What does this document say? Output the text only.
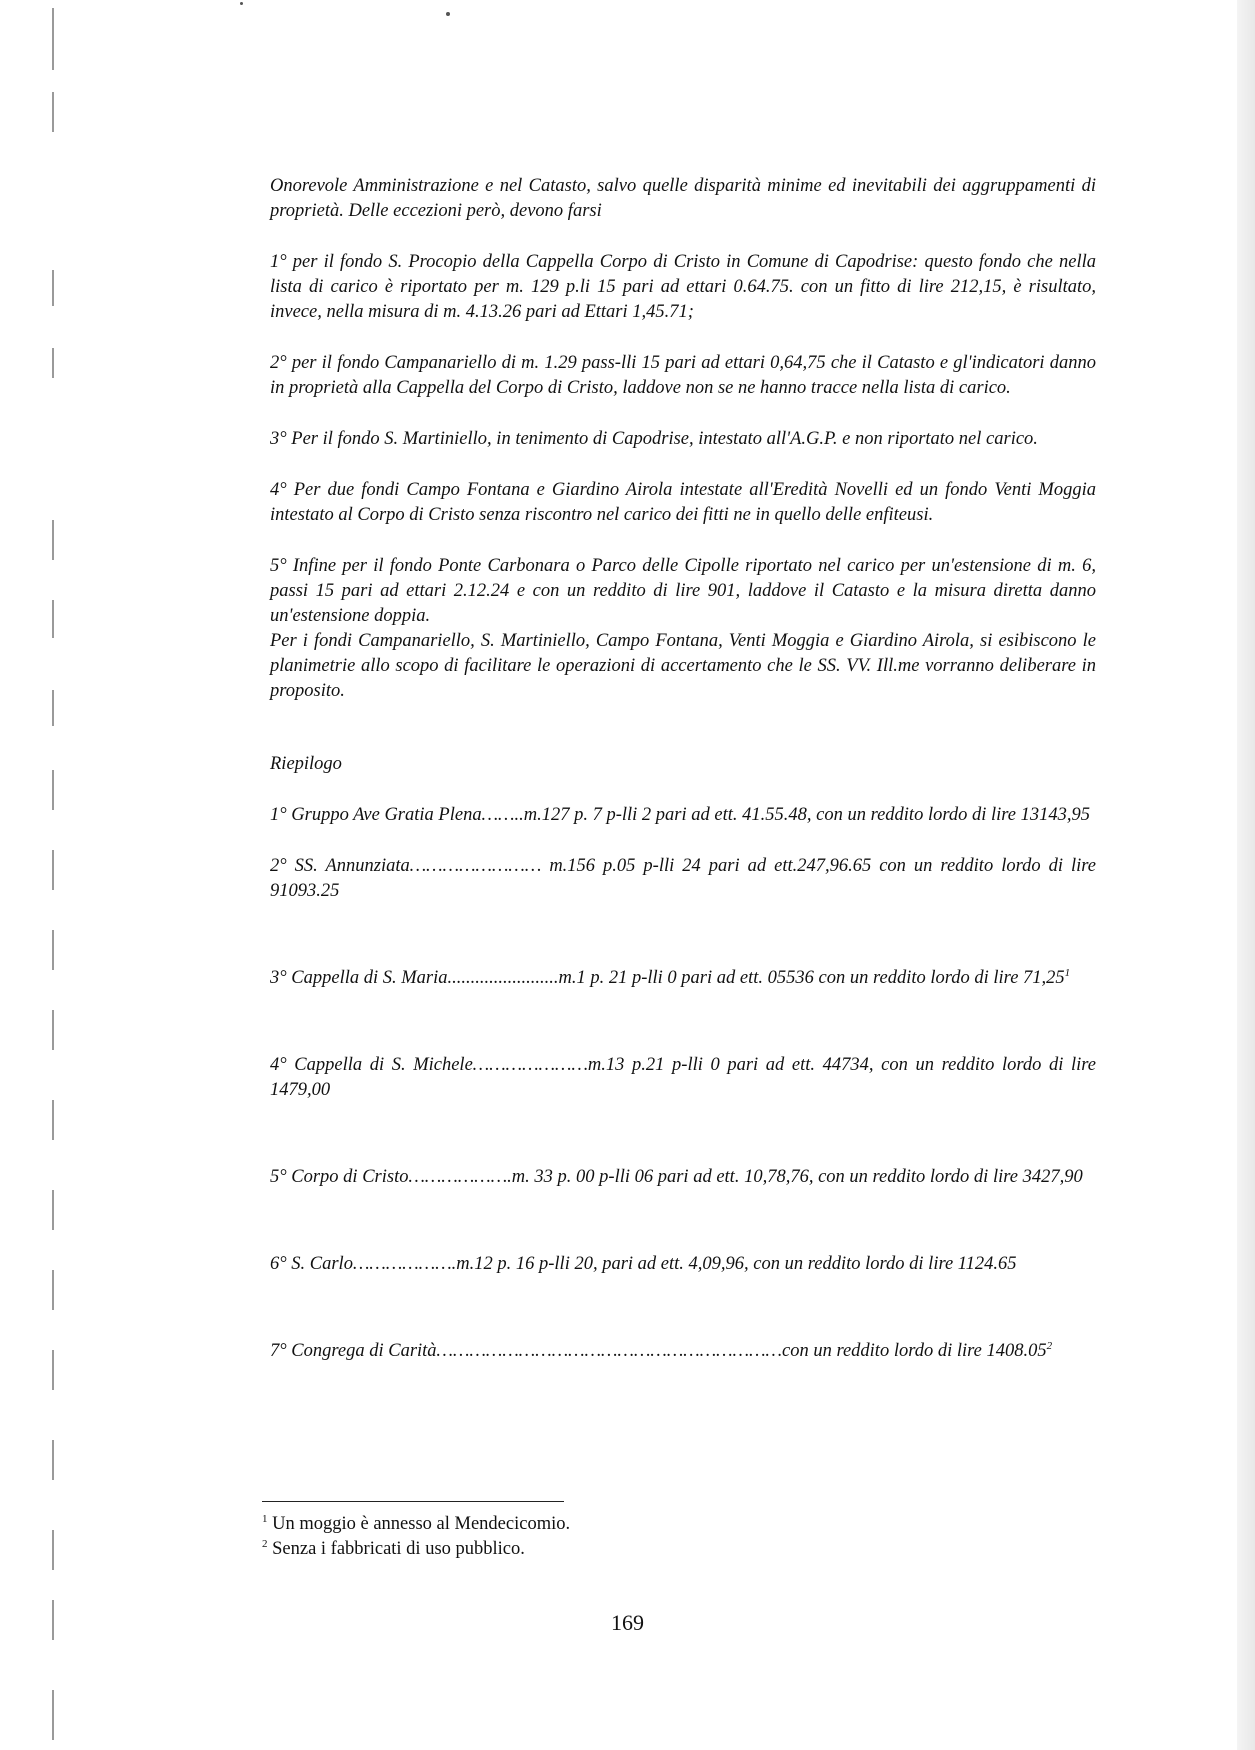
Onorevole Amministrazione e nel Catasto, salvo quelle disparità minime ed inevitabili dei aggruppamenti di proprietà. Delle eccezioni però, devono farsi

1° per il fondo S. Procopio della Cappella Corpo di Cristo in Comune di Capodrise: questo fondo che nella lista di carico è riportato per m. 129 p.li 15 pari ad ettari 0.64.75. con un fitto di lire 212,15, è risultato, invece, nella misura di m. 4.13.26 pari ad Ettari 1,45.71;

2° per il fondo Campanariello di m. 1.29 pass-lli 15 pari ad ettari 0,64,75 che il Catasto e gl'indicatori danno in proprietà alla Cappella del Corpo di Cristo, laddove non se ne hanno tracce nella lista di carico.

3° Per il fondo S. Martiniello, in tenimento di Capodrise, intestato all'A.G.P. e non riportato nel carico.

4° Per due fondi Campo Fontana e Giardino Airola intestate all'Eredità Novelli ed un fondo Venti Moggia intestato al Corpo di Cristo senza riscontro nel carico dei fitti ne in quello delle enfiteusi.

5° Infine per il fondo Ponte Carbonara o Parco delle Cipolle riportato nel carico per un'estensione di m. 6, passi 15 pari ad ettari 2.12.24 e con un reddito di lire 901, laddove il Catasto e la misura diretta danno un'estensione doppia.

Per i fondi Campanariello, S. Martiniello, Campo Fontana, Venti Moggia e Giardino Airola, si esibiscono le planimetrie allo scopo di facilitare le operazioni di accertamento che le SS. VV. Ill.me vorranno deliberare in proposito.

Riepilogo

1° Gruppo Ave Gratia Plena……..m.127 p. 7 p-lli 2 pari ad ett. 41.55.48, con un reddito lordo di lire 13143,95

2° SS. Annunziata…………………… m.156 p.05 p-lli 24 pari ad ett.247,96.65 con un reddito lordo di lire 91093.25

3° Cappella di S. Maria........................m.1 p. 21 p-lli 0 pari ad ett. 05536 con un reddito lordo di lire 71,25$^1$

4° Cappella di S. Michele…………………m.13 p.21 p-lli 0 pari ad ett. 44734, con un reddito lordo di lire 1479,00

5° Corpo di Cristo……………….m. 33 p. 00 p-lli 06 pari ad ett. 10,78,76, con un reddito lordo di lire 3427,90

6° S. Carlo……………….m.12 p. 16 p-lli 20, pari ad ett. 4,09,96, con un reddito lordo di lire 1124.65

7° Congrega di Carità………………………………………………………con un reddito lordo di lire 1408.05$^2$

$^1$ Un moggio è annesso al Mendecicomio.
$^2$ Senza i fabbricati di uso pubblico.
169
